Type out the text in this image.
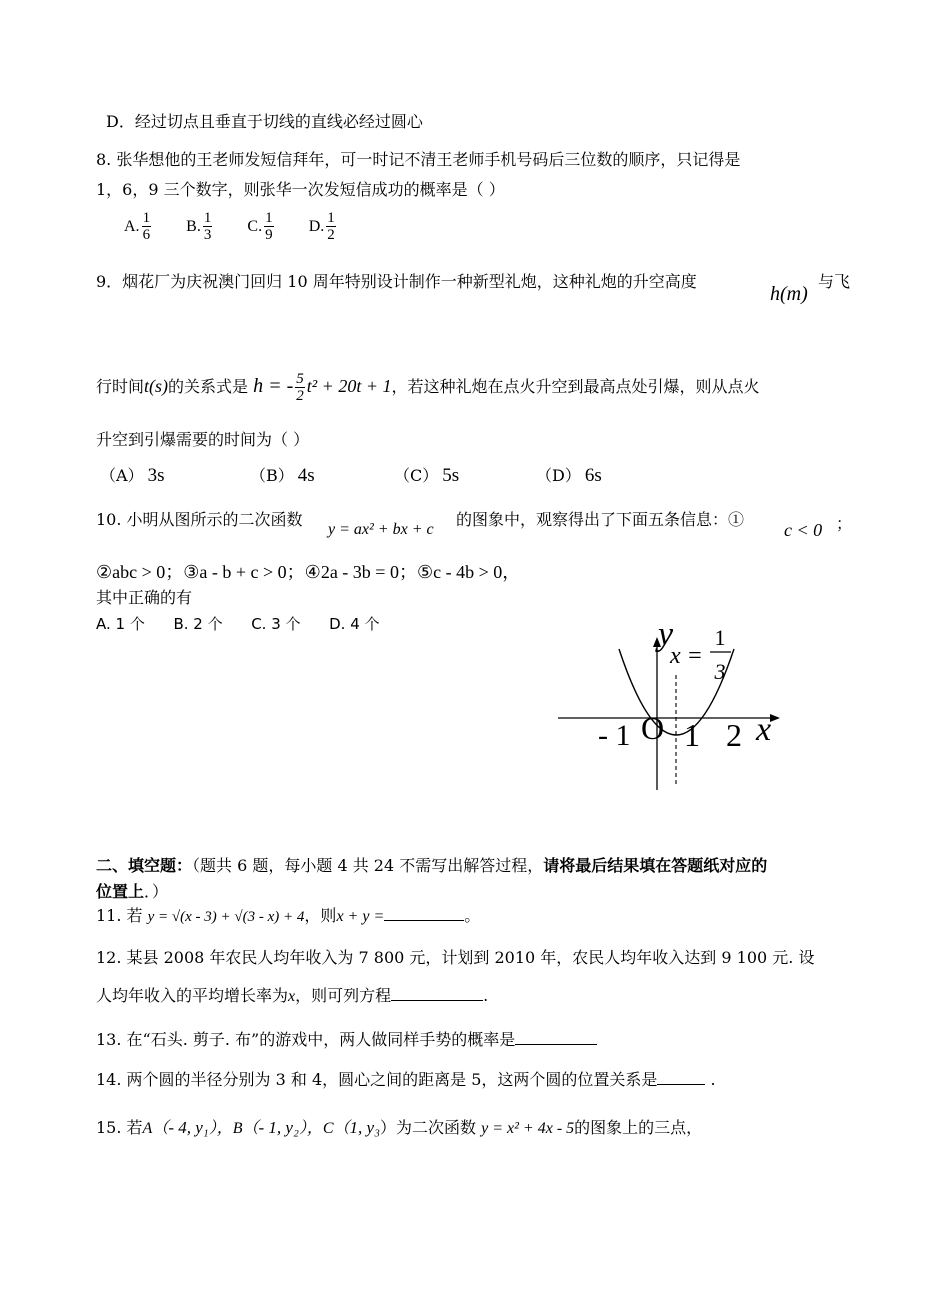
D．经过切点且垂直于切线的直线必经过圆心
8. 张华想他的王老师发短信拜年，可一时记不清王老师手机号码后三位数的顺序，只记得是
1，6，9 三个数字，则张华一次发短信成功的概率是（ ）
A. $\frac{1}{6} B$. $\frac{1}{3} C$. $\frac{1}{9} D$. $\frac{1}{2}$
9．烟花厂为庆祝澳门回归 10 周年特别设计制作一种新型礼炮，这种礼炮的升空高度
h(m)
与飞
行时间t(s)的关系式是 h = - $\frac{5}{2} t^2 + 20t + 1$，若这种礼炮在点火升空到最高点处引爆，则从点火
升空到引爆需要的时间为（ ）
（A） 3s	（B） 4s	（C） 5s	（D） 6s
10. 小明从图所示的二次函数
y = ax² + bx + c
的图象中，观察得出了下面五条信息：①
c < 0 ；
②abc > 0；③a - b + c > 0；④2a - 3b = 0；⑤c - 4b > 0，
其中正确的有
A. 1 个      B. 2 个      C. 3 个      D. 4 个	y
x
x =
1
3
- 1 O 1 2
二、填空题：（题共 6 题，每小题 4 共 24 不需写出解答过程，请将最后结果填在答题纸对应的
位置上．）
11. 若 y = √(x - 3) + √(3 - x) + 4，则x + y =	。
12. 某县 2008 年农民人均年收入为 7 800 元，计划到 2010 年，农民人均年收入达到 9 100 元. 设
人均年收入的平均增长率为x，则可列方程	.
13. 在“石头. 剪子. 布”的游戏中，两人做同样手势的概率是
14. 两个圆的半径分别为 3 和 4，圆心之间的距离是 5，这两个圆的位置关系是	.
15. 若A（- 4, y₁），B（- 1, y₂），C（1, y₃）为二次函数 y = x² + 4x - 5的图象上的三点，
